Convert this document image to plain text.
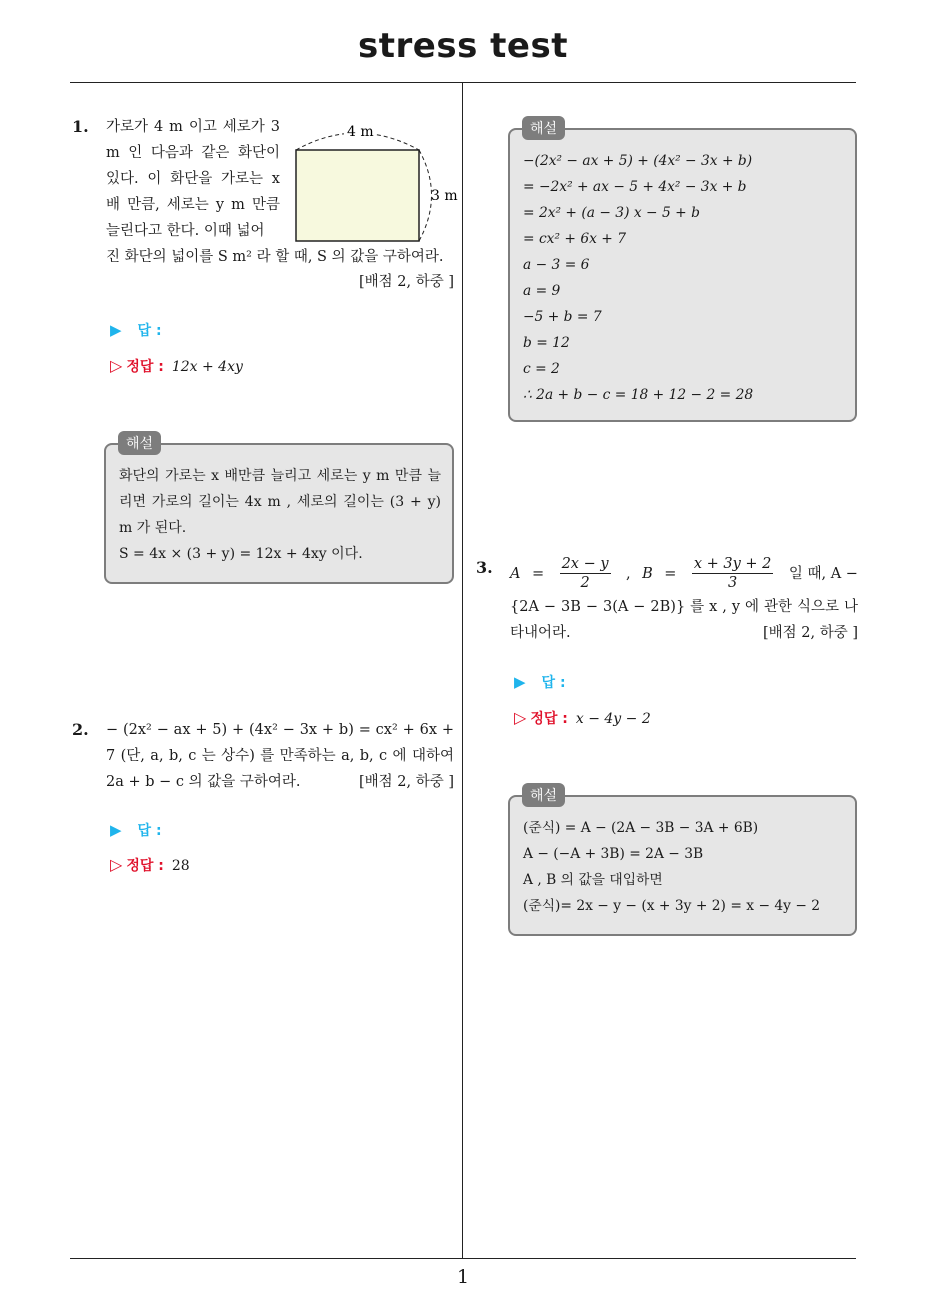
stress test
1
1. 가로가 4 m 이고 세로가 3 m 인 다음과 같은 화단이 있다. 이 화단을 가로는 x 배 만큼, 세로는 y m 만큼 늘린다고 한다. 이때 넓어
진 화단의 넓이를 S m² 라 할 때, S 의 값을 구하여라.
[배점 2, 하중 ]
4 m
3 m
▶ 답 :
▷ 정답 : 12x + 4xy
해설
화단의 가로는 x 배만큼 늘리고 세로는 y m 만큼 늘리면 가로의 길이는 4x m , 세로의 길이는 (3 + y) m 가 된다.
S = 4x × (3 + y) = 12x + 4xy 이다.
2. − (2x² − ax + 5) + (4x² − 3x + b) = cx² + 6x + 7 (단, a, b, c 는 상수) 를 만족하는 a, b, c 에 대하여 2a + b − c 의 값을 구하여라.	[배점 2, 하중 ]
▶ 답 :
▷ 정답 : 28
해설
−(2x² − ax + 5) + (4x² − 3x + b)
= −2x² + ax − 5 + 4x² − 3x + b
= 2x² + (a − 3) x − 5 + b
= cx² + 6x + 7
a − 3 = 6
a = 9
−5 + b = 7
b = 12
c = 2
∴ 2a + b − c = 18 + 12 − 2 = 28
3. $A = \frac{2x - y}{2}$ , $B = \frac{x + 3y + 2}{3}$ 일 때, A −
{2A − 3B − 3(A − 2B)} 를 x , y 에 관한 식으로 나타내어라.	[배점 2, 하중 ]
▶ 답 :
▷ 정답 : x − 4y − 2
해설
(준식) = A − (2A − 3B − 3A + 6B)
A − (−A + 3B) = 2A − 3B
A , B 의 값을 대입하면
(준식)= 2x − y − (x + 3y + 2) = x − 4y − 2
